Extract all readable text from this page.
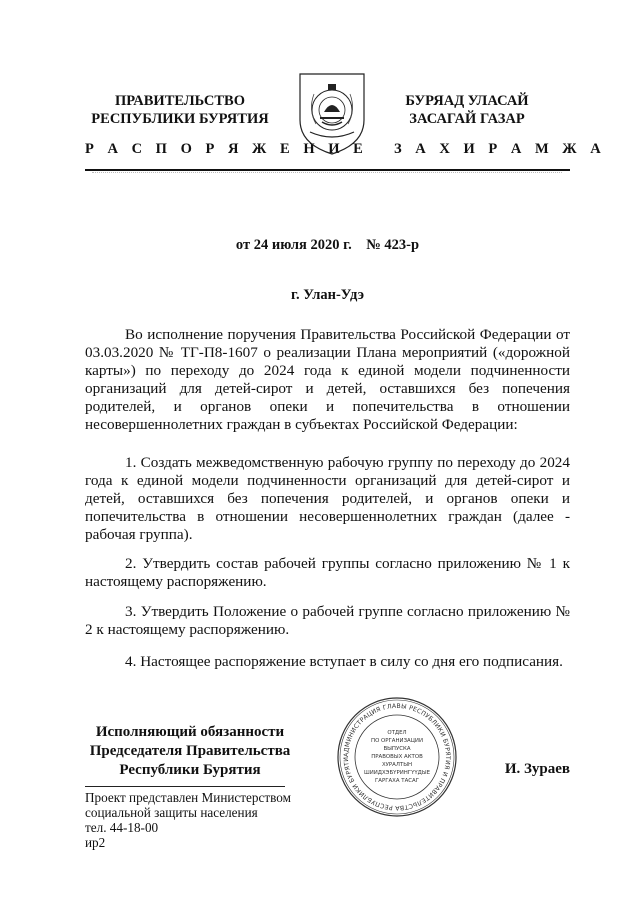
ПРАВИТЕЛЬСТВО
РЕСПУБЛИКИ БУРЯТИЯ
Р А С П О Р Я Ж Е Н И Е
БУРЯАД УЛАСАЙ
ЗАСАГАЙ ГАЗАР
З А Х И Р А М Ж А
от 24 июля 2020 г.    № 423-р
г. Улан-Удэ

Во исполнение поручения Правительства Российской Федерации от 03.03.2020 № ТГ-П8-1607 о реализации Плана мероприятий («дорожной карты») по переходу до 2024 года к единой модели подчиненности организаций для детей-сирот и детей, оставшихся без попечения родителей, и органов опеки и попечительства в отношении несовершеннолетних граждан в субъектах Российской Федерации:

1. Создать межведомственную рабочую группу по переходу до 2024 года к единой модели подчиненности организаций для детей-сирот и детей, оставшихся без попечения родителей, и органов опеки и попечительства в отношении несовершеннолетних граждан (далее - рабочая группа).

2. Утвердить состав рабочей группы согласно приложению № 1 к настоящему распоряжению.

3. Утвердить Положение о рабочей группе согласно приложению № 2 к настоящему распоряжению.

4. Настоящее распоряжение вступает в силу со дня его подписания.

Исполняющий обязанности
Председателя Правительства
Республики Бурятия
АДМИНИСТРАЦИЯ ГЛАВЫ РЕСПУБЛИКИ БУРЯТИЯ И ПРАВИТЕЛЬСТВА РЕСПУБЛИКИ БУРЯТИ
ОТДЕЛ
ПО ОРГАНИЗАЦИИ
ВЫПУСКА
ПРАВОВЫХ АКТОВ
ХУРАЛТЫН
ШИИДХЭБҮРИНГҮҮДЫЕ
ГАРГАХА ТАСАГ
И. Зураев
Проект представлен Министерством
социальной защиты населения
тел. 44-18-00
ир2
